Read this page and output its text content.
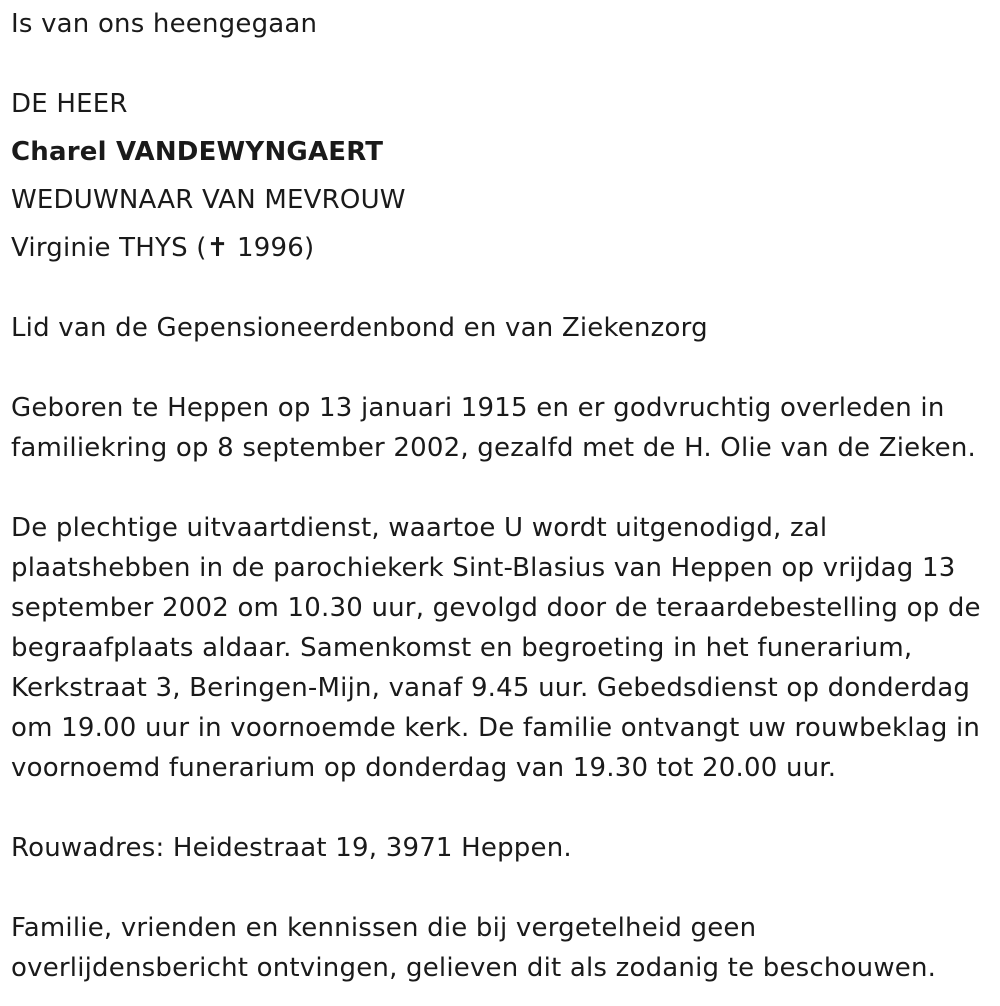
Is van ons heengegaan

DE HEER

Charel VANDEWYNGAERT

WEDUWNAAR VAN MEVROUW

Virginie THYS (✝ 1996)

Lid van de Gepensioneerdenbond en van Ziekenzorg

Geboren te Heppen op 13 januari 1915 en er godvruchtig overleden in

familiekring op 8 september 2002, gezalfd met de H. Olie van de Zieken.

De plechtige uitvaartdienst, waartoe U wordt uitgenodigd, zal

plaatshebben in de parochiekerk Sint-Blasius van Heppen op vrijdag 13

september 2002 om 10.30 uur, gevolgd door de teraardebestelling op de

begraafplaats aldaar. Samenkomst en begroeting in het funerarium,

Kerkstraat 3, Beringen-Mijn, vanaf 9.45 uur. Gebedsdienst op donderdag

om 19.00 uur in voornoemde kerk. De familie ontvangt uw rouwbeklag in

voornoemd funerarium op donderdag van 19.30 tot 20.00 uur.

Rouwadres: Heidestraat 19, 3971 Heppen.

Familie, vrienden en kennissen die bij vergetelheid geen

overlijdensbericht ontvingen, gelieven dit als zodanig te beschouwen.
